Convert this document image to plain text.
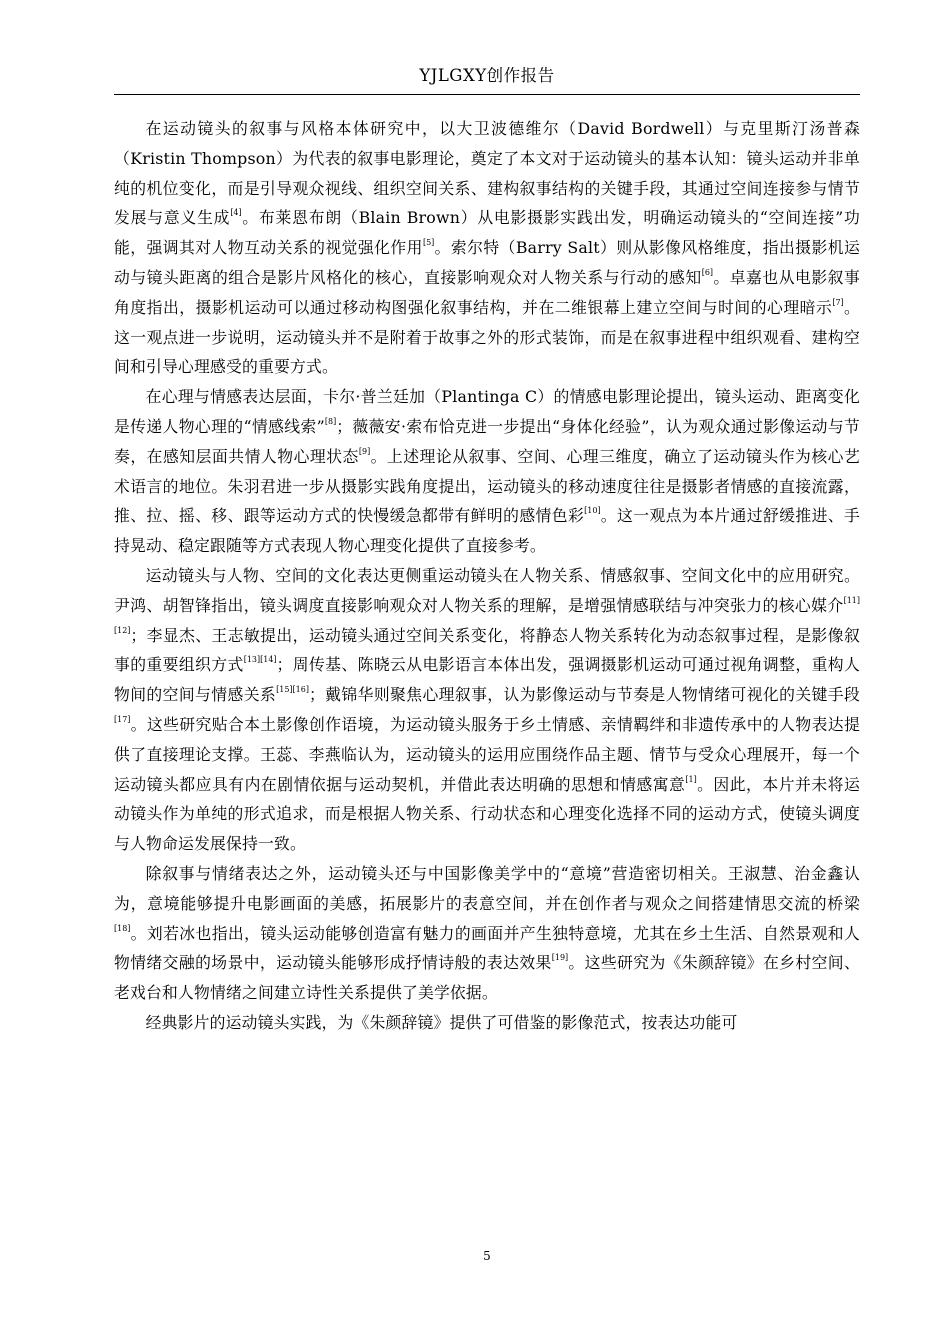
YJLGXY创作报告

在运动镜头的叙事与风格本体研究中，以大卫波德维尔（David Bordwell）与克里斯汀汤普森（Kristin Thompson）为代表的叙事电影理论，奠定了本文对于运动镜头的基本认知：镜头运动并非单纯的机位变化，而是引导观众视线、组织空间关系、建构叙事结构的关键手段，其通过空间连接参与情节发展与意义生成[4]。布莱恩布朗（Blain Brown）从电影摄影实践出发，明确运动镜头的“空间连接”功能，强调其对人物互动关系的视觉强化作用[5]。索尔特（Barry Salt）则从影像风格维度，指出摄影机运动与镜头距离的组合是影片风格化的核心，直接影响观众对人物关系与行动的感知[6]。卓嘉也从电影叙事角度指出，摄影机运动可以通过移动构图强化叙事结构，并在二维银幕上建立空间与时间的心理暗示[7]。这一观点进一步说明，运动镜头并不是附着于故事之外的形式装饰，而是在叙事进程中组织观看、建构空间和引导心理感受的重要方式。

在心理与情感表达层面，卡尔·普兰廷加（Plantinga C）的情感电影理论提出，镜头运动、距离变化是传递人物心理的“情感线索”[8]；薇薇安·索布恰克进一步提出“身体化经验”，认为观众通过影像运动与节奏，在感知层面共情人物心理状态[9]。上述理论从叙事、空间、心理三维度，确立了运动镜头作为核心艺术语言的地位。朱羽君进一步从摄影实践角度提出，运动镜头的移动速度往往是摄影者情感的直接流露，推、拉、摇、移、跟等运动方式的快慢缓急都带有鲜明的感情色彩[10]。这一观点为本片通过舒缓推进、手持晃动、稳定跟随等方式表现人物心理变化提供了直接参考。

运动镜头与人物、空间的文化表达更侧重运动镜头在人物关系、情感叙事、空间文化中的应用研究。尹鸿、胡智锋指出，镜头调度直接影响观众对人物关系的理解，是增强情感联结与冲突张力的核心媒介[11][12]；李显杰、王志敏提出，运动镜头通过空间关系变化，将静态人物关系转化为动态叙事过程，是影像叙事的重要组织方式[13][14]；周传基、陈晓云从电影语言本体出发，强调摄影机运动可通过视角调整，重构人物间的空间与情感关系[15][16]；戴锦华则聚焦心理叙事，认为影像运动与节奏是人物情绪可视化的关键手段[17]。这些研究贴合本土影像创作语境，为运动镜头服务于乡土情感、亲情羁绊和非遗传承中的人物表达提供了直接理论支撑。王蕊、李燕临认为，运动镜头的运用应围绕作品主题、情节与受众心理展开，每一个运动镜头都应具有内在剧情依据与运动契机，并借此表达明确的思想和情感寓意[1]。因此，本片并未将运动镜头作为单纯的形式追求，而是根据人物关系、行动状态和心理变化选择不同的运动方式，使镜头调度与人物命运发展保持一致。

除叙事与情绪表达之外，运动镜头还与中国影像美学中的“意境”营造密切相关。王淑慧、治金鑫认为，意境能够提升电影画面的美感，拓展影片的表意空间，并在创作者与观众之间搭建情思交流的桥梁[18]。刘若冰也指出，镜头运动能够创造富有魅力的画面并产生独特意境，尤其在乡土生活、自然景观和人物情绪交融的场景中，运动镜头能够形成抒情诗般的表达效果[19]。这些研究为《朱颜辞镜》在乡村空间、老戏台和人物情绪之间建立诗性关系提供了美学依据。

经典影片的运动镜头实践，为《朱颜辞镜》提供了可借鉴的影像范式，按表达功能可

5
